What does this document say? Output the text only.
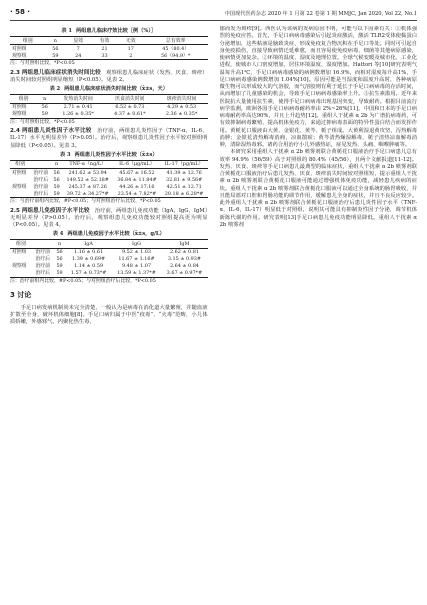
· 58 ·	中国现代医药杂志 2020 年 1 月第 22 卷第 1 期 MMJC, Jan 2020, Vol 22, No.1
表 1 两组患儿临床疗效比较［例（%）］
组别	n	显效	有效	无效	总有效率
对照组	56	7	21	17	45（80.4）
观察组	59	24	33	2	56（94.9）*
注：与对照组比较，*P<0.05

2.3 两组患儿临床症状消失时间比较　 观察组患儿临床症状（发热、厌食、斑疹）消失时间较对照组明显缩短（P<0.05）。见表 2。

表 2 两组患儿临床症状消失时间比较（x̄±s，天）
组别	n	发热消失时间	厌食消失时间	斑疹消失时间
对照组	56	2.71 ± 0.41	6.52 ± 0.73	4.29 ± 0.53
观察组	59	1.26 ± 0.35*	4.37 ± 0.61*	2.36 ± 0.35*
注：与对照组比较，*P<0.05

2.4 两组患儿炎性因子水平比较　 治疗前，两组患儿炎性因子（TNF-α，IL-6，IL-17）水平无明显差异（P>0.05）。治疗后，观察组患儿炎性因子水平较对照组明显降低（P<0.05）。见表 3。

表 3 两组患儿炎性因子水平比较（x̄±s）
组别		n	TNF-α（ng/L）	IL-6（μg/mL）	IL-17（pg/mL）
对照组	治疗前	56	241.62 ± 53.94	45.67 ± 16.52	41.39 ± 12.76
	治疗后	56	149.52 ± 52.18#	36.84 ± 11.84#	32.81 ± 9.56#
观察组	治疗前	59	245.37 ± 87.26	44.26 ± 17.16	42.51 ± 12.71
	治疗后	59	39.72 ± 34.27*#	23.54 ± 7.82*#	20.18 ± 6.28*#
注：与治疗前组内比较，#P<0.05；与对照组治疗后比较，*P<0.05

2.5 两组患儿免疫因子水平比较　 治疗前，两组患儿免疫功能（IgA，IgG，IgM）无明显差异（P>0.05）。治疗后，观察组患儿免疫功能较对照组提高更为明显（P<0.05）。见表 4。

表 4 两组患儿免疫因子水平比较（x̄±s，g/L）
组别		n	IgA	IgG	IgM
对照组	治疗前	56	1.16 ± 0.61	9.52 ± 1.03	2.62 ± 0.81
	治疗后	56	1.39 ± 0.69#	11.67 ± 1.16#	3.15 ± 0.93#
观察组	治疗前	59	1.14 ± 0.59	9.48 ± 1.07	2.64 ± 0.84
	治疗后	59	1.57 ± 0.73*#	13.59 ± 1.37*#	3.67 ± 0.97*#
注：治疗前组内比较，#P<0.05；与对照组治疗后比较，*P<0.05
3 讨论

手足口病发病机制尚未完全清楚，一般认为是病毒在消化道大量繁殖，并随血液扩散至全身，破坏机体细胞[8]。手足口病归属于中医“疫毒”、“火毒”范畴，小儿体质娇嫩，外感邪气，内聚化热生毒，

郁而发为斑疹[9]。西医认为该病的发病原因不明，可能与以下因素有关：①机体强烈的免疫应答。首先，手足口病病毒感染后引起炎症激活，激活 TLR2受体使黏蛋白分泌增加，这些粘液是脑致炎症，形成免疫复合物沉积在手足口等处。同时可引起自身免疫损伤，直接导致病情迁延难愈，而且容易使免疫病毒、细菌等其他病原感染，使病情更加复杂。②环境的温度、湿度及地理位置。全球气候变暖及城市化、工业化进程，使城市人口密度增加，居住环境温度、湿度增加。Hattori 等[10]研究表明气温每升高1℃，手足口病病毒感染的病例数增加 16.9%，而相对湿度每升高1%，手足口病病毒感染例数增加 1.04%[10]。原因可能是当湿度和温度升高时，各种病原微生物可以形成较大的气溶胶，而气溶胶则有利于延长于手足口病病毒的存活时间，从而增加了儿童感染的机会，导致手足口病病毒感染率上升。③抗生素滥用。近年来医院抗大量使用抗生素，使得手足口病病毒出现基因突变，导致耐药。根据目前流行病学监测，欧洲各国手足口病病毒耐药率由 2%~26%[11]，中国和日本的手足口病病毒耐药率高达90%，并且上升趋势[12]。重组人干扰素 α 2b 为广谱抗病毒药，可有效抑制病毒繁殖，提高机体免疫力，来通过抑病毒表面的特异性蛋白结合而发挥作用。黄栀花口服液由大黄、金银花、黄芩、栀子组成。大黄利湿退黄攻坚，泻热解毒消肿；金银花清热解毒消痈，凉血散瘀；黄芩清热燥湿解毒，栀子清热凉血解毒消肿，清除湿热毒邪。诸药合用治疗小儿外感热证，症见发热、头痛、咽喉肿痛等。

本研究采用重组人干扰素 α 2b 喷雾剂联合黄栀花口服液治疗手足口病患儿总有效率 94.9%（56/59）高于对照组的 80.4%（45/56），且两个文献报道[11-12]。发热、厌食、斑疹等手足口病患儿最典型的临床症状，重组人干扰素 α 2b 喷雾剂联合黄栀花口服液治疗后患儿发热、厌食、斑疹消失时间较对照组短，提示重组人干扰素 α 2b 喷雾剂联合黄栀花口服液可能通过增强机体免疫功能，减轻患儿疾病的症状。重组人干扰素 α 2b 喷雾剂联合黄栀花口服液可以通过全身系统的肠胃吸收，并且能局部对口腔和胃肠功能的调节作用，缓解患儿全身的症状，并且不良反应较少。此外重组人干扰素 α 2b 喷雾剂联合黄栀花口服液治疗后患儿炎性因子水平（TNF-α，IL-6，IL-17）明显低于对照组，说明其可能具有抑制炎性因子分泌，调节机体新陈代谢的作用。研究表明[13]手足口病患儿免疫功能明显降低。重组人干扰素 α 2b 喷雾剂
